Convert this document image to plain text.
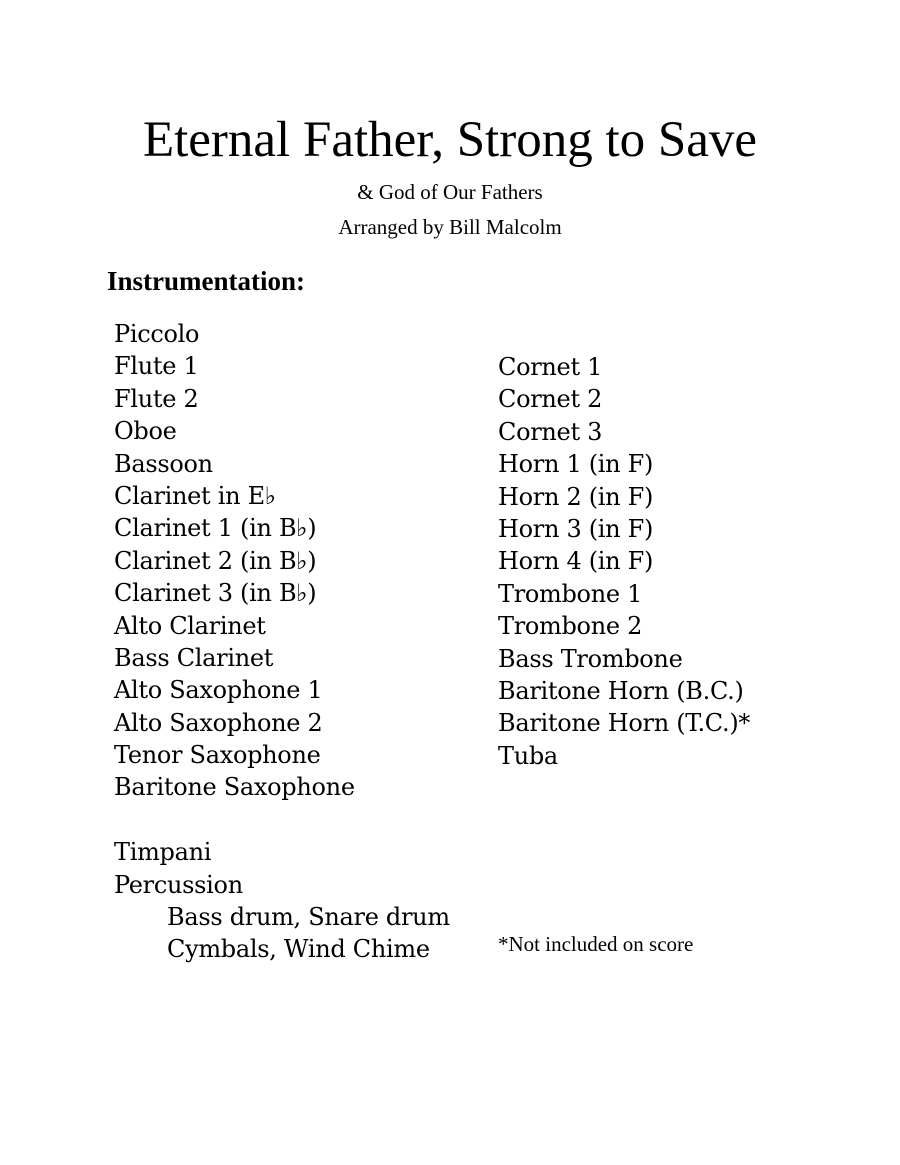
Eternal Father, Strong to Save
& God of Our Fathers
Arranged by Bill Malcolm
Instrumentation:
Piccolo
Flute 1
Flute 2
Oboe
Bassoon
Clarinet in E♭
Clarinet 1 (in B♭)
Clarinet 2 (in B♭)
Clarinet 3 (in B♭)
Alto Clarinet
Bass Clarinet
Alto Saxophone 1
Alto Saxophone 2
Tenor Saxophone
Baritone Saxophone
Timpani
Percussion
Bass drum, Snare drum
Cymbals, Wind Chime
Cornet 1
Cornet 2
Cornet 3
Horn 1 (in F)
Horn 2 (in F)
Horn 3 (in F)
Horn 4 (in F)
Trombone 1
Trombone 2
Bass Trombone
Baritone Horn (B.C.)
Baritone Horn (T.C.)*
Tuba
*Not included on score
